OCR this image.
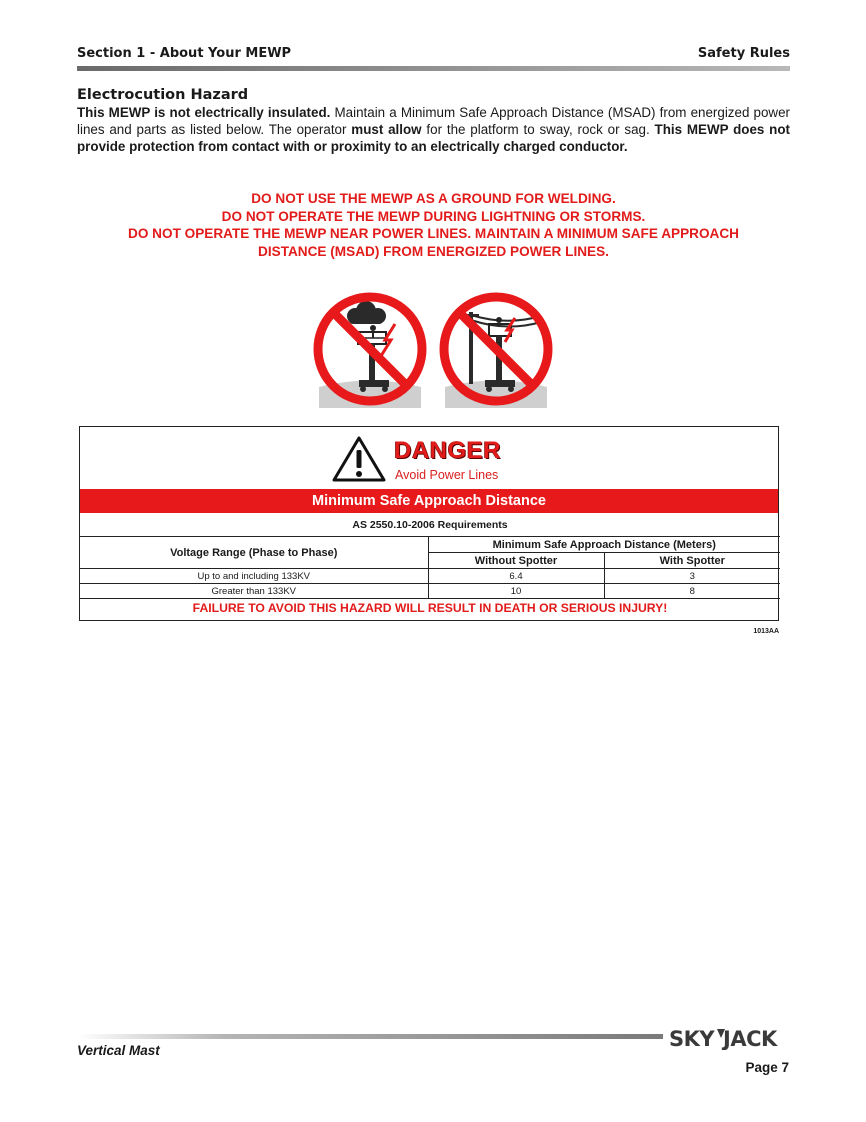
Section 1 - About Your MEWP	Safety Rules
Electrocution Hazard
This MEWP is not electrically insulated. Maintain a Minimum Safe Approach Distance (MSAD) from energized power lines and parts as listed below. The operator must allow for the platform to sway, rock or sag. This MEWP does not provide protection from contact with or proximity to an electrically charged conductor.
DO NOT USE THE MEWP AS A GROUND FOR WELDING.
DO NOT OPERATE THE MEWP DURING LIGHTNING OR STORMS.
DO NOT OPERATE THE MEWP NEAR POWER LINES. MAINTAIN A MINIMUM SAFE APPROACH
DISTANCE (MSAD) FROM ENERGIZED POWER LINES.
DANGER
Avoid Power Lines
Minimum Safe Approach Distance
AS 2550.10-2006 Requirements		
Voltage Range (Phase to Phase)	Minimum Safe Approach Distance (Meters)	
	Without Spotter	With Spotter
Up to and including 133KV	6.4	3
Greater than 133KV	10	8
FAILURE TO AVOID THIS HAZARD WILL RESULT IN DEATH OR SERIOUS INJURY!		
1013AA
SKY JACK
Vertical Mast
Page 7
